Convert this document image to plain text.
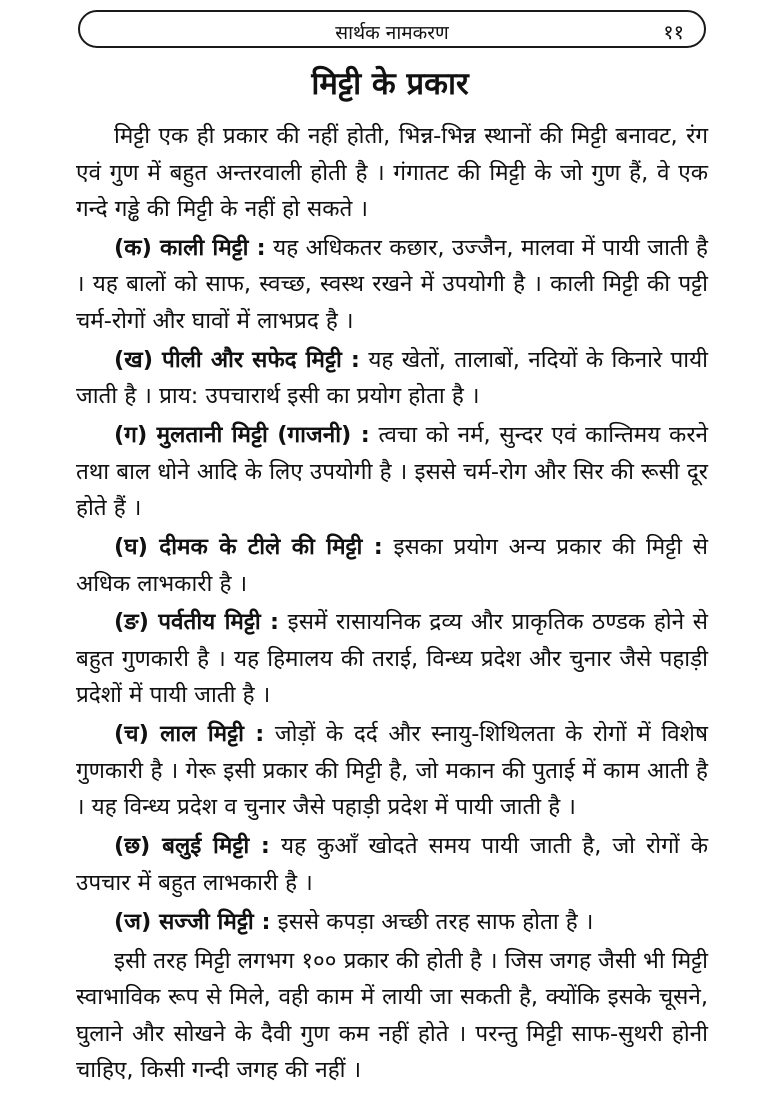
सार्थक नामकरण	११
मिट्टी के प्रकार

मिट्टी एक ही प्रकार की नहीं होती, भिन्न-भिन्न स्थानों की मिट्टी बनावट, रंग एवं गुण में बहुत अन्तरवाली होती है । गंगातट की मिट्टी के जो गुण हैं, वे एक गन्दे गड्ढे की मिट्टी के नहीं हो सकते ।

(क) काली मिट्टी : यह अधिकतर कछार, उज्जैन, मालवा में पायी जाती है । यह बालों को साफ, स्वच्छ, स्वस्थ रखने में उपयोगी है । काली मिट्टी की पट्टी चर्म-रोगों और घावों में लाभप्रद है ।

(ख) पीली और सफेद मिट्टी : यह खेतों, तालाबों, नदियों के किनारे पायी जाती है । प्राय: उपचारार्थ इसी का प्रयोग होता है ।

(ग) मुलतानी मिट्टी (गाजनी) : त्वचा को नर्म, सुन्दर एवं कान्तिमय करने तथा बाल धोने आदि के लिए उपयोगी है । इससे चर्म-रोग और सिर की रूसी दूर होते हैं ।

(घ) दीमक के टीले की मिट्टी : इसका प्रयोग अन्य प्रकार की मिट्टी से अधिक लाभकारी है ।

(ङ) पर्वतीय मिट्टी : इसमें रासायनिक द्रव्य और प्राकृतिक ठण्डक होने से बहुत गुणकारी है । यह हिमालय की तराई, विन्ध्य प्रदेश और चुनार जैसे पहाड़ी प्रदेशों में पायी जाती है ।

(च) लाल मिट्टी : जोड़ों के दर्द और स्नायु-शिथिलता के रोगों में विशेष गुणकारी है । गेरू इसी प्रकार की मिट्टी है, जो मकान की पुताई में काम आती है । यह विन्ध्य प्रदेश व चुनार जैसे पहाड़ी प्रदेश में पायी जाती है ।

(छ) बलुई मिट्टी : यह कुआँ खोदते समय पायी जाती है, जो रोगों के उपचार में बहुत लाभकारी है ।

(ज) सज्जी मिट्टी : इससे कपड़ा अच्छी तरह साफ होता है ।

इसी तरह मिट्टी लगभग १०० प्रकार की होती है । जिस जगह जैसी भी मिट्टी स्वाभाविक रूप से मिले, वही काम में लायी जा सकती है, क्योंकि इसके चूसने, घुलाने और सोखने के दैवी गुण कम नहीं होते । परन्तु मिट्टी साफ-सुथरी होनी चाहिए, किसी गन्दी जगह की नहीं ।
